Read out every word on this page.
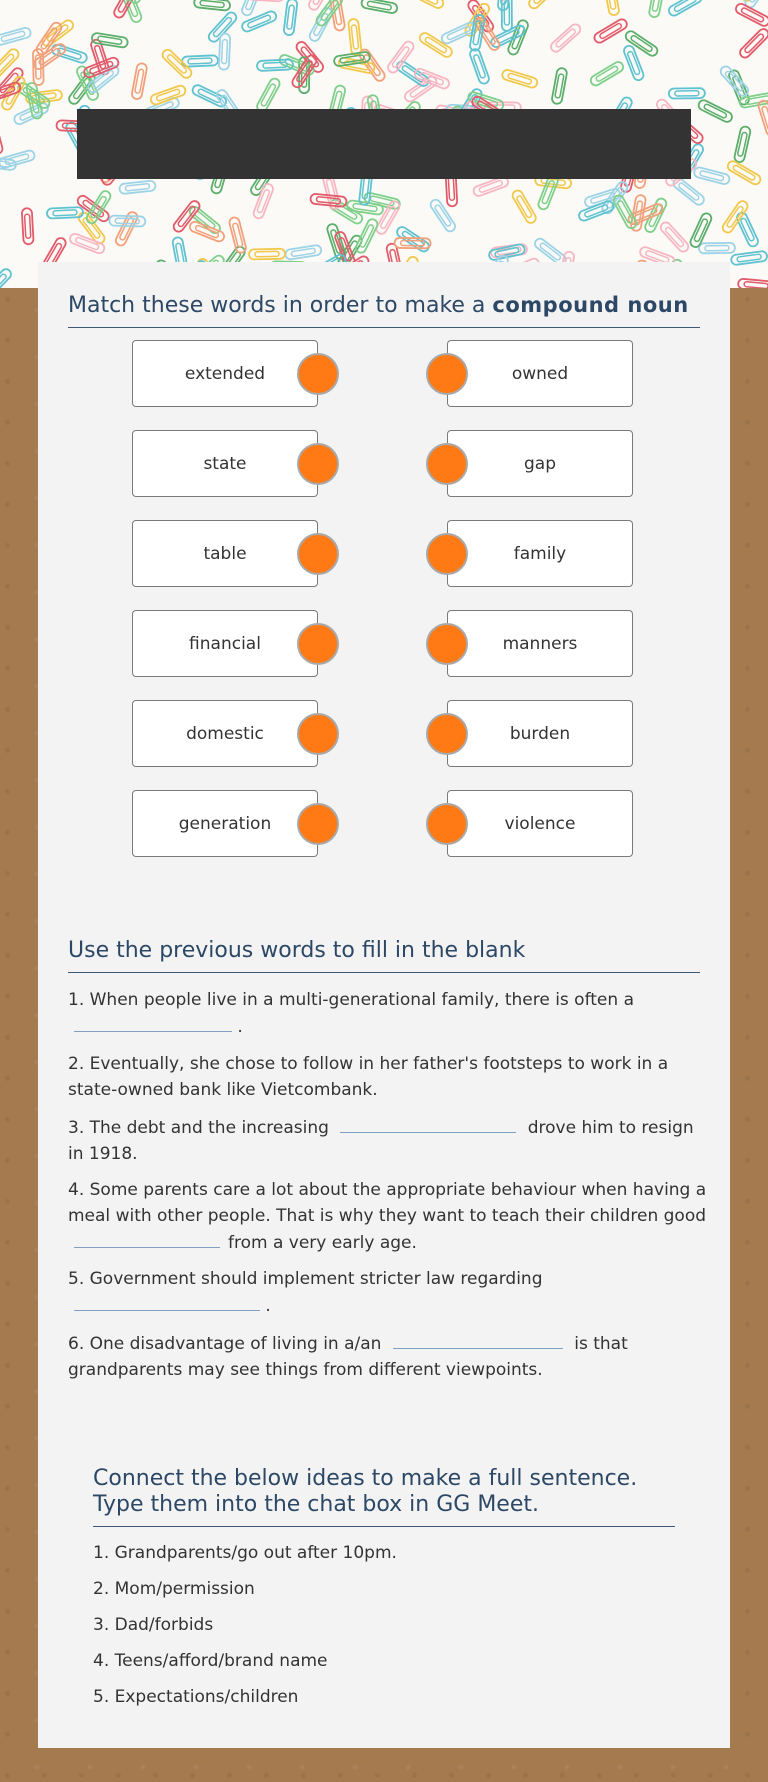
Match these words in order to make a compound noun
extended
state
table
financial
domestic
generation
owned
gap
family
manners
burden
violence
Use the previous words to fill in the blank
1. When people live in a multi-generational family, there is often a
.
2. Eventually, she chose to follow in her father's footsteps to work in a state-owned bank like Vietcombank.
3. The debt and the increasing	drove him to resign in 1918.
4. Some parents care a lot about the appropriate behaviour when having a meal with other people. That is why they want to teach their children good
from a very early age.
5. Government should implement stricter law regarding
.
6. One disadvantage of living in a/an	is that grandparents may see things from different viewpoints.
Connect the below ideas to make a full sentence. Type them into the chat box in GG Meet.
1. Grandparents/go out after 10pm.
2. Mom/permission
3. Dad/forbids
4. Teens/afford/brand name
5. Expectations/children
